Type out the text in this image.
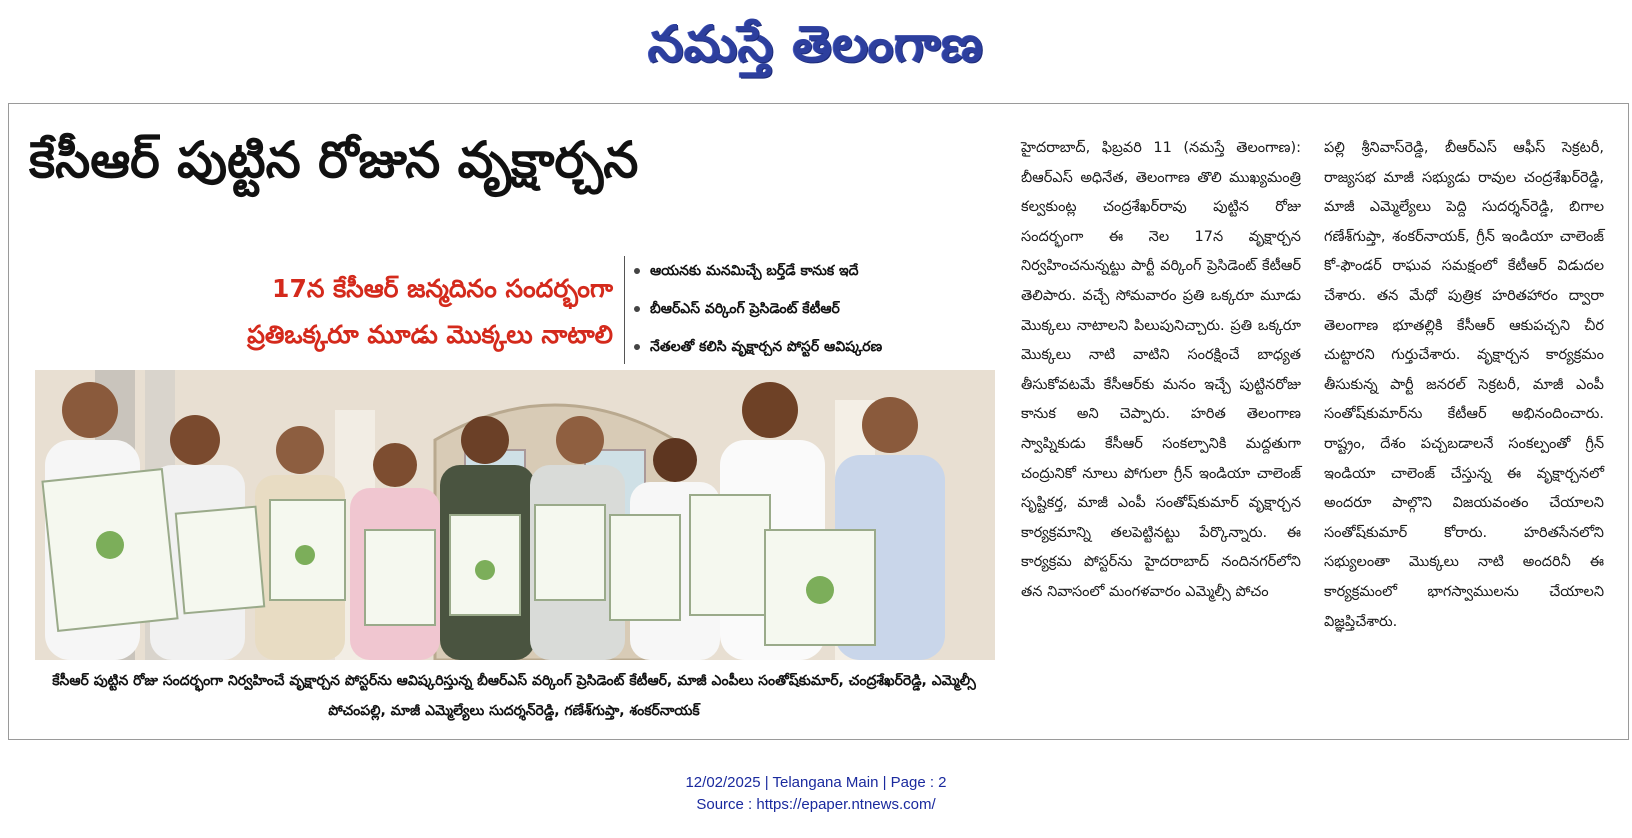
నమస్తే తెలంగాణ
కేసీఆర్ పుట్టిన రోజున వృక్షార్చన
17న కేసీఆర్ జన్మదినం సందర్భంగా
ప్రతిఒక్కరూ మూడు మొక్కలు నాటాలి
ఆయనకు మనమిచ్చే బర్త్‌డే కానుక ఇదే
బీఆర్‌ఎస్ వర్కింగ్ ప్రెసిడెంట్ కేటీఆర్
నేతలతో కలిసి వృక్షార్చన పోస్టర్ ఆవిష్కరణ
కేసీఆర్ పుట్టిన రోజు సందర్భంగా నిర్వహించే వృక్షార్చన పోస్టర్‌ను ఆవిష్కరిస్తున్న బీఆర్‌ఎస్ వర్కింగ్ ప్రెసిడెంట్ కేటీఆర్, మాజీ ఎంపీలు సంతోష్‌కుమార్, చంద్రశేఖర్‌రెడ్డి, ఎమ్మెల్సీ పోచంపల్లి, మాజీ ఎమ్మెల్యేలు సుదర్శన్‌రెడ్డి, గణేశ్‌గుప్తా, శంకర్‌నాయక్

హైదరాబాద్, ఫిబ్రవరి 11 (నమస్తే తెలంగాణ): బీఆర్‌ఎస్ అధినేత, తెలంగాణ తొలి ముఖ్యమంత్రి కల్వకుంట్ల చంద్రశేఖర్‌రావు పుట్టిన రోజు సందర్భంగా ఈ నెల 17న వృక్షార్చన నిర్వహించనున్నట్టు పార్టీ వర్కింగ్ ప్రెసిడెంట్ కేటీఆర్ తెలిపారు. వచ్చే సోమవారం ప్రతి ఒక్కరూ మూడు మొక్కలు నాటాలని పిలుపునిచ్చారు. ప్రతి ఒక్కరూ మొక్కలు నాటి వాటిని సంరక్షించే బాధ్యత తీసుకోవటమే కేసీఆర్‌కు మనం ఇచ్చే పుట్టినరోజు కానుక అని చెప్పారు. హరిత తెలంగాణ స్వాప్నికుడు కేసీఆర్ సంకల్పానికి మద్దతుగా చంద్రునికో నూలు పోగులా గ్రీన్ ఇండియా చాలెంజ్ సృష్టికర్త, మాజీ ఎంపీ సంతోష్‌కుమార్ వృక్షార్చన కార్యక్రమాన్ని తలపెట్టినట్టు పేర్కొన్నారు. ఈ కార్యక్రమ పోస్టర్‌ను హైదరాబాద్ నందినగర్‌లోని తన నివాసంలో మంగళవారం ఎమ్మెల్సీ పోచం

పల్లి శ్రీనివాస్‌రెడ్డి, బీఆర్‌ఎస్ ఆఫీస్ సెక్రటరీ, రాజ్యసభ మాజీ సభ్యుడు రావుల చంద్రశేఖర్‌రెడ్డి, మాజీ ఎమ్మెల్యేలు పెద్ది సుదర్శన్‌రెడ్డి, బిగాల గణేశ్‌గుప్తా, శంకర్‌నాయక్, గ్రీన్ ఇండియా చాలెంజ్ కో-ఫౌండర్ రాఘవ సమక్షంలో కేటీఆర్ విడుదల చేశారు. తన మేధో పుత్రిక హరితహారం ద్వారా తెలంగాణ భూతల్లికి కేసీఆర్ ఆకుపచ్చని చీర చుట్టారని గుర్తుచేశారు. వృక్షార్చన కార్యక్రమం తీసుకున్న పార్టీ జనరల్ సెక్రటరీ, మాజీ ఎంపీ సంతోష్‌కుమార్‌ను కేటీఆర్ అభినందించారు. రాష్ట్రం, దేశం పచ్చబడాలనే సంకల్పంతో గ్రీన్ ఇండియా చాలెంజ్ చేస్తున్న ఈ వృక్షార్చనలో అందరూ పాల్గొని విజయవంతం చేయాలని సంతోష్‌కుమార్ కోరారు. హరితసేనలోని సభ్యులంతా మొక్కలు నాటి అందరినీ ఈ కార్యక్రమంలో భాగస్వాములను చేయాలని విజ్ఞప్తిచేశారు.

12/02/2025 | Telangana Main | Page : 2
Source : https://epaper.ntnews.com/
